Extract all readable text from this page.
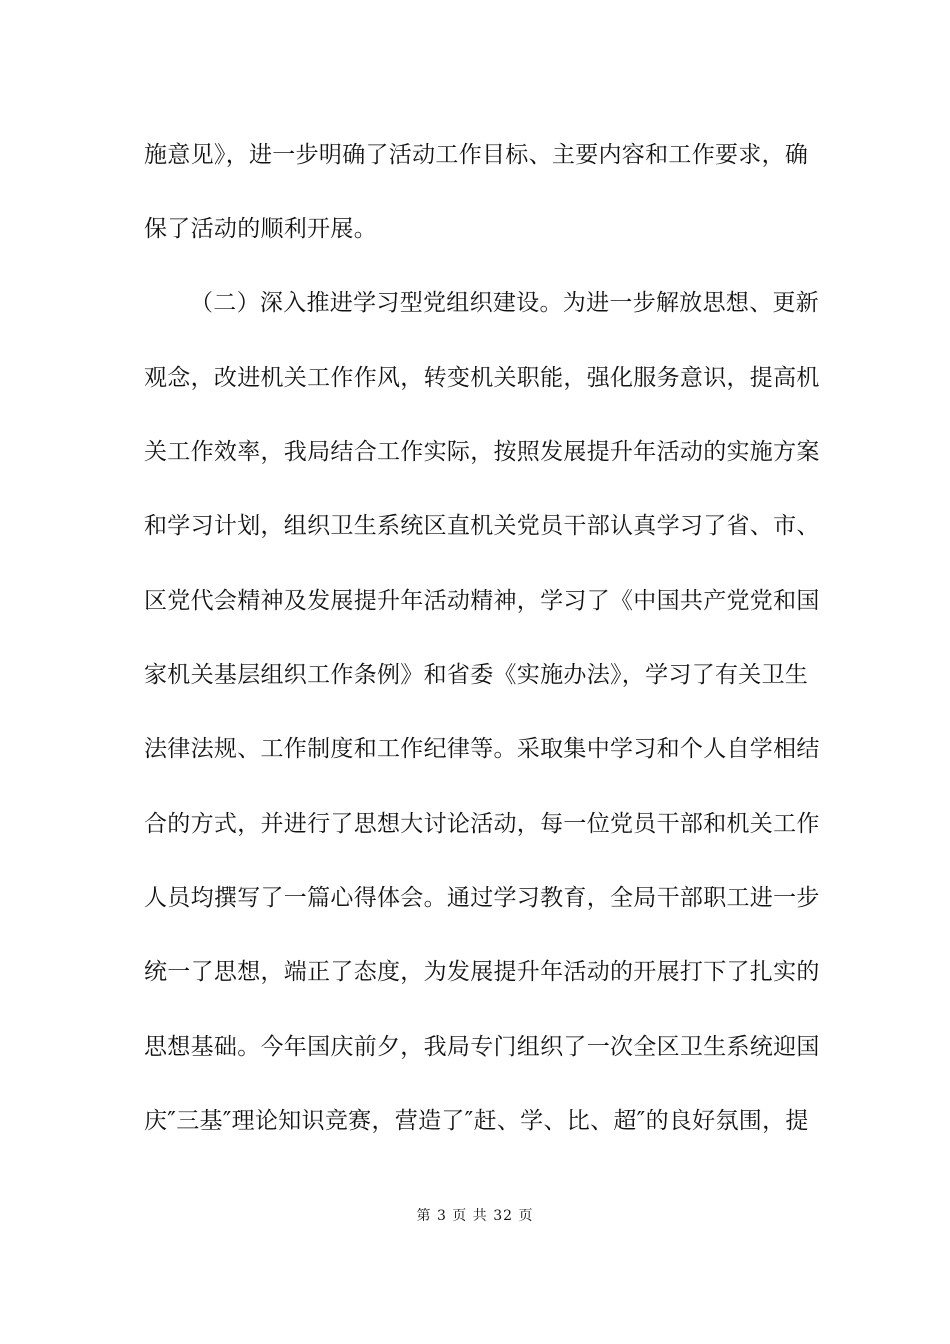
施意见》，进一步明确了活动工作目标、主要内容和工作要求，确
保了活动的顺利开展。
（二）深入推进学习型党组织建设。为进一步解放思想、更新
观念，改进机关工作作风，转变机关职能，强化服务意识，提高机
关工作效率，我局结合工作实际，按照发展提升年活动的实施方案
和学习计划，组织卫生系统区直机关党员干部认真学习了省、市、
区党代会精神及发展提升年活动精神，学习了《中国共产党党和国
家机关基层组织工作条例》和省委《实施办法》，学习了有关卫生
法律法规、工作制度和工作纪律等。采取集中学习和个人自学相结
合的方式，并进行了思想大讨论活动，每一位党员干部和机关工作
人员均撰写了一篇心得体会。通过学习教育，全局干部职工进一步
统一了思想，端正了态度，为发展提升年活动的开展打下了扎实的
思想基础。今年国庆前夕，我局专门组织了一次全区卫生系统迎国
庆″三基″理论知识竞赛，营造了″赶、学、比、超″的良好氛围，提
第 3 页 共 32 页
